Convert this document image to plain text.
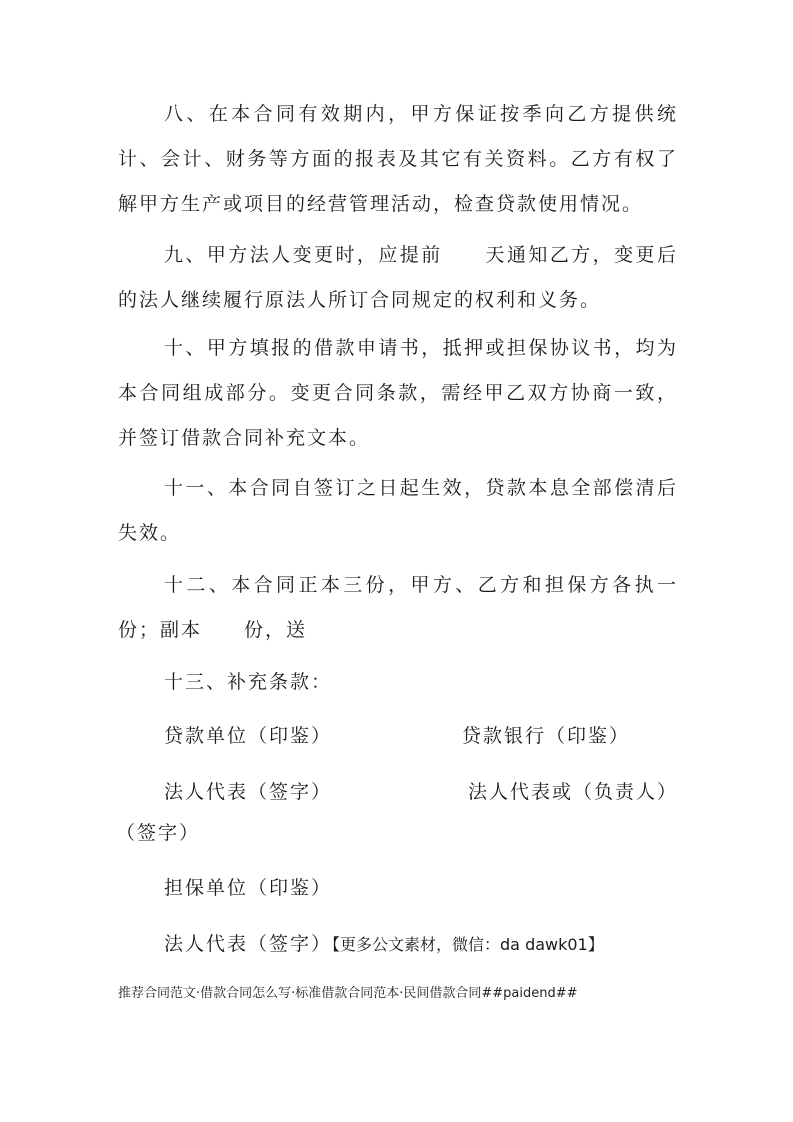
八、在本合同有效期内，甲方保证按季向乙方提供统计、会计、财务等方面的报表及其它有关资料。乙方有权了解甲方生产或项目的经营管理活动，检查贷款使用情况。

九、甲方法人变更时，应提前　　天通知乙方，变更后的法人继续履行原法人所订合同规定的权利和义务。

十、甲方填报的借款申请书，抵押或担保协议书，均为本合同组成部分。变更合同条款，需经甲乙双方协商一致，并签订借款合同补充文本。

十一、本合同自签订之日起生效，贷款本息全部偿清后失效。

十二、本合同正本三份，甲方、乙方和担保方各执一份；副本　　份，送

十三、补充条款：

贷款单位（印鉴）	贷款银行（印鉴）

法人代表（签字）	法人代表或（负责人）

（签字）

担保单位（印鉴）

法人代表（签字）【更多公文素材，微信：da dawk01】

推荐合同范文·借款合同怎么写·标准借款合同范本·民间借款合同##paidend##
